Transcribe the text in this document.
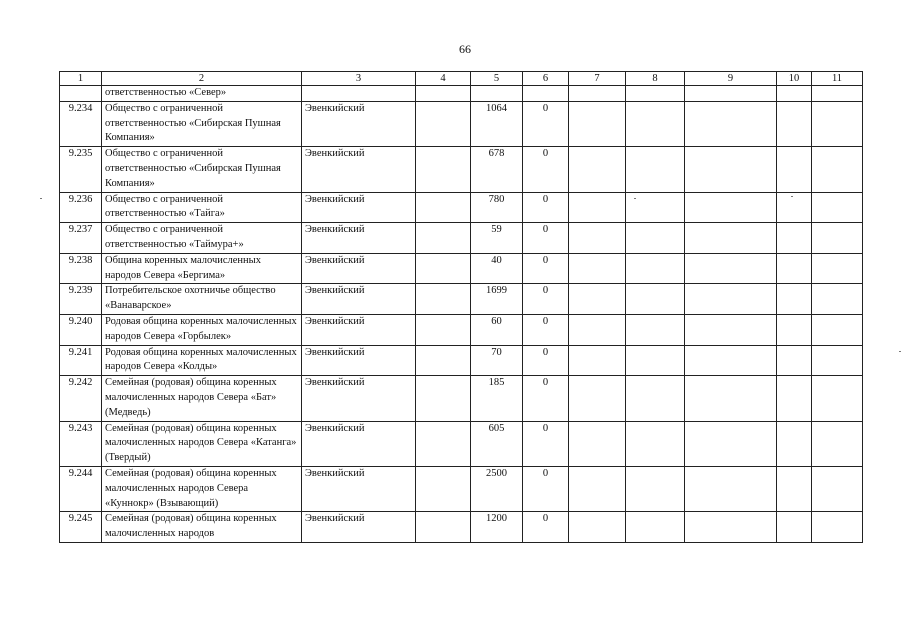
66
1	2	3	4	5	6	7	8	9	10	11
	ответственностью «Север»									
9.234	Общество с ограниченной ответственностью «Сибирская Пушная Компания»	Эвенкийский		1064	0					
9.235	Общество с ограниченной ответственностью «Сибирская Пушная Компания»	Эвенкийский		678	0					
9.236	Общество с ограниченной ответственностью «Тайга»	Эвенкийский		780	0					
9.237	Общество с ограниченной ответственностью «Таймура+»	Эвенкийский		59	0					
9.238	Община коренных малочисленных народов Севера «Бергима»	Эвенкийский		40	0					
9.239	Потребительское охотничье общество «Ванаварское»	Эвенкийский		1699	0					
9.240	Родовая община коренных малочисленных народов Севера «Горбылек»	Эвенкийский		60	0					
9.241	Родовая община коренных малочисленных народов Севера «Колды»	Эвенкийский		70	0					
9.242	Семейная (родовая) община коренных малочисленных народов Севера «Бат» (Медведь)	Эвенкийский		185	0					
9.243	Семейная (родовая) община коренных малочисленных народов Севера «Катанга» (Твердый)	Эвенкийский		605	0					
9.244	Семейная (родовая) община коренных малочисленных народов Севера «Куннокр» (Взывающий)	Эвенкийский		2500	0					
9.245	Семейная (родовая) община коренных малочисленных народов	Эвенкийский		1200	0					
